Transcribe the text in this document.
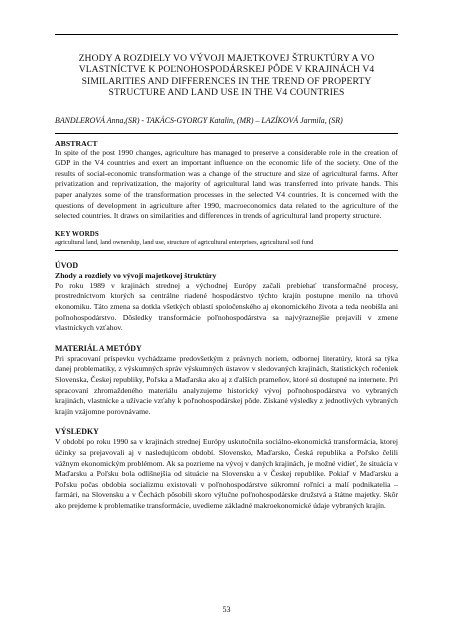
ZHODY A ROZDIELY VO VÝVOJI MAJETKOVEJ ŠTRUKTÚRY A VO VLASTNÍCTVE K POĽNOHOSPODÁRSKEJ PÔDE V KRAJINÁCH V4 SIMILARITIES AND DIFFERENCES IN THE TREND OF PROPERTY STRUCTURE AND LAND USE IN THE V4 COUNTRIES
BANDLEROVÁ Anna,(SR) - TAKÁCS-GYORGY Katalin, (MR) – LAZÍKOVÁ Jarmila, (SR)
ABSTRACT
In spite of the post 1990 changes, agriculture has managed to preserve a considerable role in the creation of GDP in the V4 countries and exert an important influence on the economic life of the society. One of the results of social-economic transformation was a change of the structure and size of agricultural farms. After privatization and reprivatization, the majority of agricultural land was transferred into private hands. This paper analyzes some of the transformation processes in the selected V4 countries. It is concerned with the questions of development in agriculture after 1990, macroeconomics data related to the agriculture of the selected countries. It draws on similarities and differences in trends of agricultural land property structure.
KEY WORDS
agricultural land, land ownership, land use, structure of agricultural enterprises, agricultural soil fund
ÚVOD
Zhody a rozdiely vo vývoji majetkovej štruktúry
Po roku 1989 v krajinách strednej a východnej Európy začali prebiehať transformačné procesy, prostredníctvom ktorých sa centrálne riadené hospodárstvo týchto krajín postupne menilo na trhovú ekonomiku. Táto zmena sa dotkla všetkých oblastí spoločenského aj ekonomického života a teda neobišla ani poľnohospodárstvo. Dôsledky transformácie poľnohospodárstva sa najvýraznejšie prejavili v zmene vlastníckych vzťahov.
MATERIÁL A METÓDY
Pri spracovaní príspevku vychádzame predovšetkým z právnych noriem, odbornej literatúry, ktorá sa týka danej problematiky, z výskumných správ výskumných ústavov v sledovaných krajinách, štatistických ročeniek Slovenska, Českej republiky, Poľska a Maďarska ako aj z ďalších prameňov, ktoré sú dostupné na internete. Pri spracovaní zhromaždeného materiálu analyzujeme historický vývoj poľnohospodárstva vo vybraných krajinách, vlastnícke a užívacie vzťahy k poľnohospodárskej pôde. Získané výsledky z jednotlivých vybraných krajín vzájomne porovnávame.
VÝSLEDKY
V období po roku 1990 sa v krajinách strednej Európy uskutočnila sociálno-ekonomická transformácia, ktorej účinky sa prejavovali aj v nasledujúcom období. Slovensko, Maďarsko, Česká republika a Poľsko čelili vážnym ekonomickým problémom. Ak sa pozrieme na vývoj v daných krajinách, je možné vidieť, že situácia v Maďarsku a Poľsku bola odlišnejšia od situácie na Slovensku a v Českej republike. Pokiaľ v Maďarsku a Poľsku počas obdobia socializmu existovali v poľnohospodárstve súkromní roľníci a malí podnikatelia – farmári, na Slovensku a v Čechách pôsobili skoro výlučne poľnohospodárske družstvá a štátne majetky. Skôr ako prejdeme k problematike transformácie, uvedieme základné makroekonomické údaje vybraných krajín.
53
